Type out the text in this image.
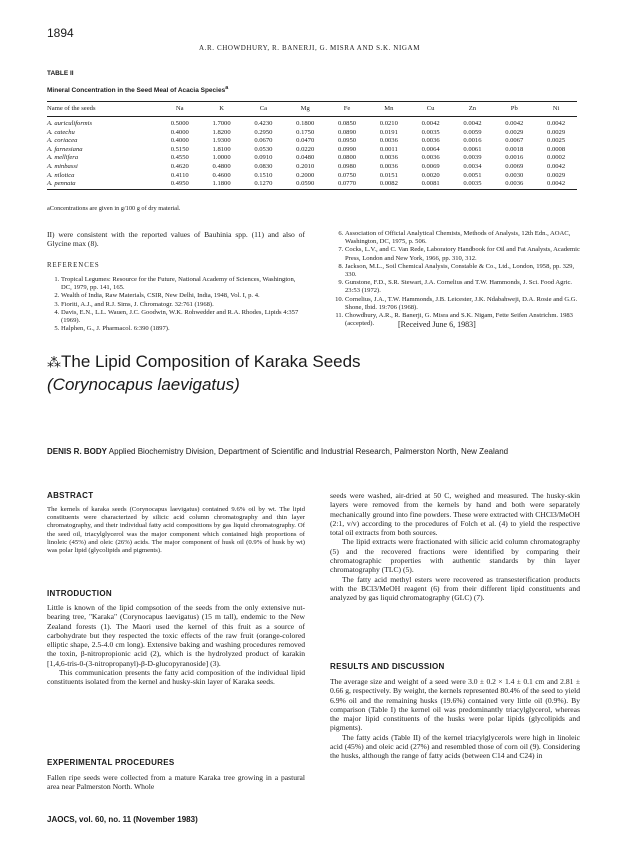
1894
A.R. CHOWDHURY, R. BANERJI, G. MISRA AND S.K. NIGAM
TABLE II
Mineral Concentration in the Seed Meal of Acacia Species$^a$
Name of the seeds	Na	K	Ca	Mg	Fe	Mn	Cu	Zn	Pb	Ni
A. auriculiformis	0.5000	1.7000	0.4230	0.1800	0.0850	0.0210	0.0042	0.0042	0.0042	0.0042
A. catechu	0.4000	1.8200	0.2950	0.1750	0.0890	0.0191	0.0035	0.0059	0.0029	0.0029
A. coriacea	0.4000	1.9300	0.0670	0.0470	0.0950	0.0036	0.0036	0.0016	0.0067	0.0025
A. farnesiana	0.5150	1.8100	0.0530	0.0220	0.0990	0.0011	0.0064	0.0061	0.0018	0.0008
A. mellifera	0.4550	1.0000	0.0910	0.0480	0.0800	0.0036	0.0036	0.0039	0.0016	0.0002
A. minbassi	0.4620	0.4800	0.0830	0.2010	0.0980	0.0036	0.0069	0.0034	0.0069	0.0042
A. nilotica	0.4110	0.4600	0.1510	0.2000	0.0750	0.0151	0.0020	0.0051	0.0030	0.0029
A. pennata	0.4950	1.1800	0.1270	0.0590	0.0770	0.0082	0.0081	0.0035	0.0036	0.0042
aConcentrations are given in g/100 g of dry material.
II) were consistent with the reported values of Bauhinia spp. (11) and also of Glycine max (8).
REFERENCES
1. Tropical Legumes: Resource for the Future, National Academy of Sciences, Washington, DC, 1979, pp. 141, 165.
2. Wealth of India, Raw Materials, CSIR, New Delhi, India, 1948, Vol. I, p. 4.
3. Fioriti, A.J., and R.J. Sims, J. Chromatogr. 32:761 (1968).
4. Davis, E.N., L.L. Wauen, J.C. Goodwin, W.K. Rohwedder and R.A. Rhodes, Lipids 4:357 (1969).
5. Halphen, G., J. Pharmacol. 6:390 (1897).
6. Association of Official Analytical Chemists, Methods of Analysis, 12th Edn., AOAC, Washington, DC, 1975, p. 506.
7. Cocks, L.V., and C. Van Rede, Laboratory Handbook for Oil and Fat Analysts, Academic Press, London and New York, 1966, pp. 310, 312.
8. Jackson, M.L., Soil Chemical Analysis, Constable & Co., Ltd., London, 1958, pp. 329, 330.
9. Gunstone, F.D., S.R. Stewart, J.A. Cornelius and T.W. Hammonds, J. Sci. Food Agric. 23:53 (1972).
10. Cornelius, J.A., T.W. Hammonds, J.B. Leicester, J.K. Ndabahweji, D.A. Rosie and G.G. Shone, Ibid. 19:706 (1968).
11. Chowdhury, A.R., R. Banerji, G. Misra and S.K. Nigam, Fette Seifen Anstrichm. 1983 (accepted).	[Received June 6, 1983]
⁂The Lipid Composition of Karaka Seeds
(Corynocapus laevigatus)
DENIS R. BODY Applied Biochemistry Division, Department of Scientific and Industrial Research, Palmerston North, New Zealand
ABSTRACT
The kernels of karaka seeds (Corynocapus laevigatus) contained 9.6% oil by wt. The lipid constituents were characterized by silicic acid column chromatography and thin layer chromatography, and their individual fatty acid compositions by gas liquid chromatography. Of the seed oil, triacylglycerol was the major component which contained high proportions of linoleic (45%) and oleic (26%) acids. The major component of husk oil (0.9% of husk by wt) was polar lipid (glycolipids and pigments).
INTRODUCTION

Little is known of the lipid compsotion of the seeds from the only extensive nut-bearing tree, "Karaka" (Corynocapus laevigatus) (15 m tall), endemic to the New Zealand forests (1). The Maori used the kernel of this fruit as a source of carbohydrate but they respected the toxic effects of the raw fruit (orange-colored elliptic shape, 2.5-4.0 cm long). Extensive baking and washing procedures removed the toxin, β-nitropropionic acid (2), which is the hydrolyzed product of karakin [1,4,6-tris-0-(3-nitropropanyl)-β-D-glucopyranoside] (3).

This communication presents the fatty acid composition of the individual lipid constituents isolated from the kernel and husky-skin layer of Karaka seeds.

EXPERIMENTAL PROCEDURES

Fallen ripe seeds were collected from a mature Karaka tree growing in a pastural area near Palmerston North. Whole

seeds were washed, air-dried at 50 C, weighed and measured. The husky-skin layers were removed from the kernels by hand and both were separately mechanically ground into fine powders. These were extracted with CHCl3/MeOH (2:1, v/v) according to the procedures of Folch et al. (4) to yield the respective total oil extracts from both sources.

The lipid extracts were fractionated with silicic acid column chromatography (5) and the recovered fractions were identified by comparing their chromatographic properties with authentic standards by thin layer chromatography (TLC) (5).

The fatty acid methyl esters were recovered as transesterification products with the BCl3/MeOH reagent (6) from their different lipid constituents and analyzed by gas liquid chromatography (GLC) (7).

RESULTS AND DISCUSSION

The average size and weight of a seed were 3.0 ± 0.2 × 1.4 ± 0.1 cm and 2.81 ± 0.66 g, respectively. By weight, the kernels represented 80.4% of the seed to yield 6.9% oil and the remaining husks (19.6%) contained very little oil (0.9%). By comparison (Table I) the kernel oil was predominantly triacylglycerol, whereas the major lipid constituents of the husks were polar lipids (glycolipids and pigments).

The fatty acids (Table II) of the kernel triacylglycerols were high in linoleic acid (45%) and oleic acid (27%) and resembled those of corn oil (9). Considering the husks, although the range of fatty acids (between C14 and C24) in

JAOCS, vol. 60, no. 11 (November 1983)
